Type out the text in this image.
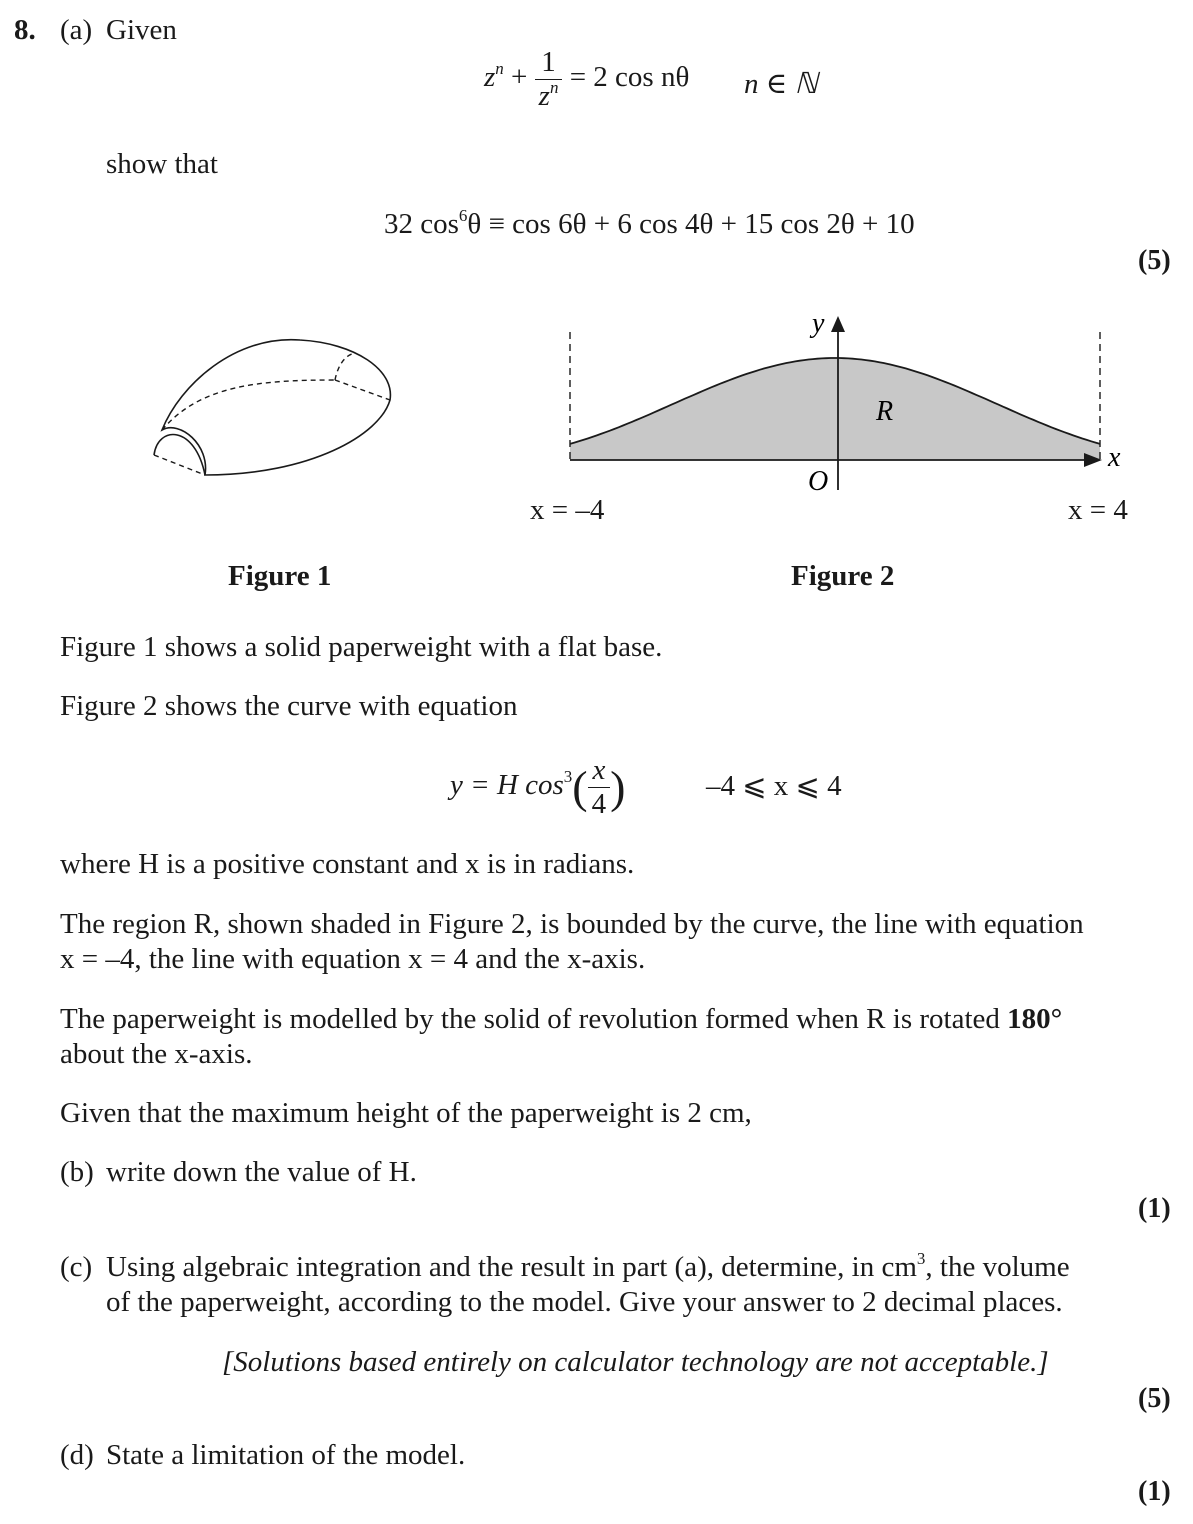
8. (a) Given
$z^n + \frac{1}{z^n} = 2$ cos nθ n ∈ ℕ
show that
32 $\cos^6\theta \equiv \cos 6\theta + 6$ cos 4θ + 15 cos 2θ + 10
(5)
Figure 1
y
x
O
R
x = –4	x = 4
Figure 2
Figure 1 shows a solid paperweight with a flat base.
Figure 2 shows the curve with equation
y = H $\cos^3( \frac{x}{4}$ )	–4 ⩽ x ⩽ 4
where H is a positive constant and x is in radians.
The region R, shown shaded in Figure 2, is bounded by the curve, the line with equation
x = –4, the line with equation x = 4 and the x-axis.
The paperweight is modelled by the solid of revolution formed when R is rotated 180°
about the x-axis.
Given that the maximum height of the paperweight is 2 cm,
(b) write down the value of H.
(1)
(c) Using algebraic integration and the result in part (a), determine, in $cm^3$, the volume
of the paperweight, according to the model. Give your answer to 2 decimal places.
[Solutions based entirely on calculator technology are not acceptable.]
(5)
(d) State a limitation of the model.
(1)
